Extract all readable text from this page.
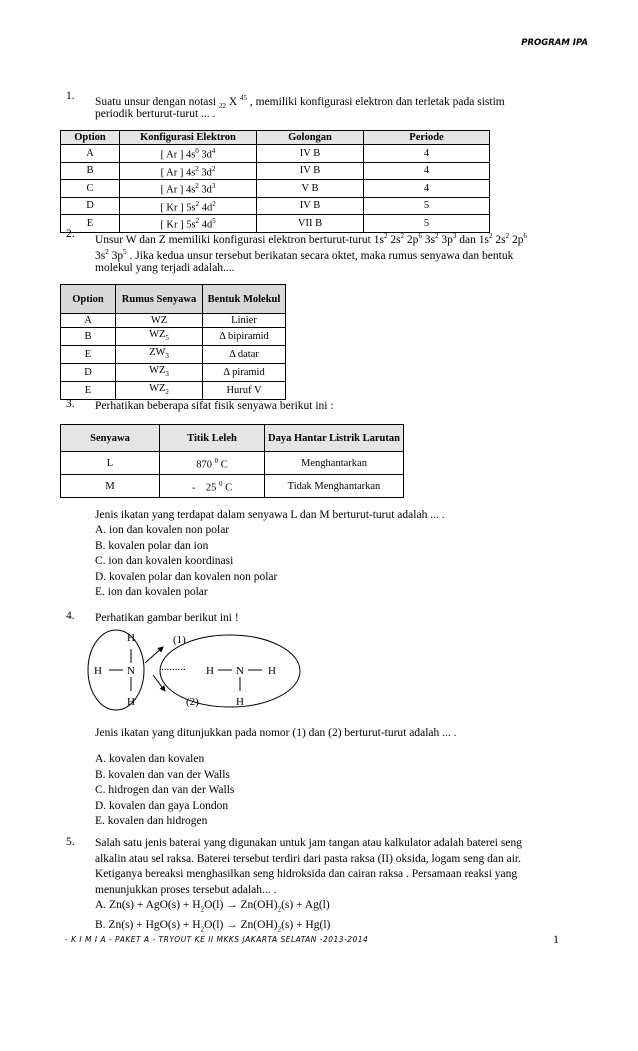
PROGRAM IPA
1. Suatu unsur dengan notasi $_{22}$ X $^{45}$ , memiliki konfigurasi elektron dan terletak pada sistim
periodik berturut-turut ... .
Option	Konfigurasi Elektron	Golongan	Periode
A	[ Ar ] $4s^0$ $3d^4$	IV B	4
B	[ Ar ] $4s^2$ $3d^2$	IV B	4
C	[ Ar ] $4s^2$ $3d^3$	V B	4
D	[ Kr ] $5s^2$ $4d^2$	IV B	5
E	[ Kr ] $5s^2$ $4d^5$	VII B	5
2. Unsur W dan Z memiliki konfigurasi elektron berturut-turut $1s^2$ $2s^2$ $2p^6$ $3s^2$ $3p^3$ dan $1s^2$ $2s^2$ $2p^6$
$3s^2$ $3p^5$ . Jika kedua unsur tersebut berikatan secara oktet, maka rumus senyawa dan bentuk
molekul yang terjadi adalah....
Option	Rumus Senyawa	Bentuk Molekul
A	WZ	Linier
B	$WZ_5$	Δ bipiramid
E	$ZW_3$	Δ datar
D	$WZ_3$	Δ piramid
E	$WZ_2$	Huruf V
3. Perhatikan beberapa sifat fisik senyawa berikut ini :
Senyawa	Titik Leleh	Daya Hantar Listrik Larutan
L	870 $^0$ C	Menghantarkan
M	-    25 $^0$ C	Tidak Menghantarkan
Jenis ikatan yang terdapat dalam senyawa L dan M berturut-turut adalah ... .
A. ion dan kovalen non polar
B. kovalen polar dan ion
C. ion dan kovalen koordinasi
D. kovalen polar dan kovalen non polar
E. ion dan kovalen polar
4. Perhatikan gambar berikut ini !
H
H N
H
(1)
......... H N H
(2)	H
Jenis ikatan yang ditunjukkan pada nomor (1) dan (2) berturut-turut adalah ... .
A. kovalen dan kovalen
B. kovalen dan van der Walls
C. hidrogen dan van der Walls
D. kovalen dan gaya London
E. kovalen dan hidrogen
5. Salah satu jenis baterai yang digunakan untuk jam tangan atau kalkulator adalah baterei seng
alkalin atau sel raksa. Baterei tersebut terdiri dari pasta raksa (II) oksida, logam seng dan air.
Ketiganya bereaksi menghasilkan seng hidroksida dan cairan raksa . Persamaan reaksi yang
menunjukkan proses tersebut adalah... .
A. $Zn(s) + AgO(s) + H_2O(l) \to Zn(OH)_2(s) + Ag(l)$
B. $Zn(s) + HgO(s) + H_2O(l) \to Zn(OH)_2(s) + Hg(l)$
- K I M I A - PAKET A - TRYOUT KE II MKKS JAKARTA SELATAN -2013-2014	1
